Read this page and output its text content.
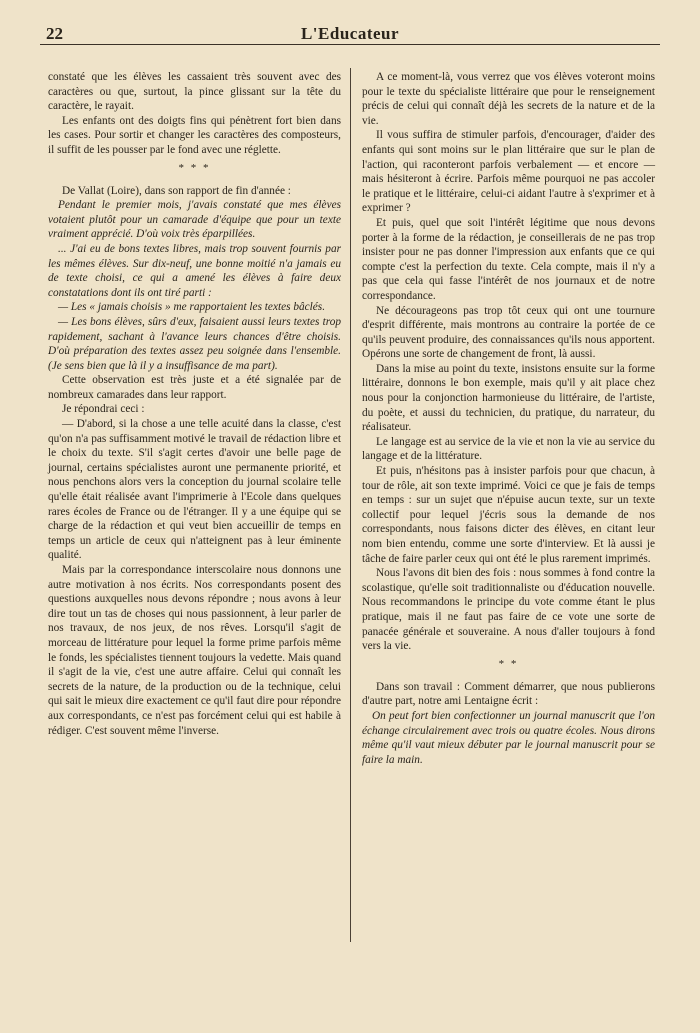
22	L'Educateur

constaté que les élèves les cassaient très souvent avec des caractères ou que, surtout, la pince glissant sur la tête du caractère, le rayait.

Les enfants ont des doigts fins qui pénètrent fort bien dans les cases. Pour sortir et changer les caractères des composteurs, il suffit de les pousser par le fond avec une réglette.

* * *

De Vallat (Loire), dans son rapport de fin d'année :

Pendant le premier mois, j'avais constaté que mes élèves votaient plutôt pour un camarade d'équipe que pour un texte vraiment apprécié. D'où voix très éparpillées.

... J'ai eu de bons textes libres, mais trop souvent fournis par les mêmes élèves. Sur dix-neuf, une bonne moitié n'a jamais eu de texte choisi, ce qui a amené les élèves à faire deux constatations dont ils ont tiré parti :

— Les « jamais choisis » me rapportaient les textes bâclés.

— Les bons élèves, sûrs d'eux, faisaient aussi leurs textes trop rapidement, sachant à l'avance leurs chances d'être choisis. D'où préparation des textes assez peu soignée dans l'ensemble. (Je sens bien que là il y a insuffisance de ma part).

Cette observation est très juste et a été signalée par de nombreux camarades dans leur rapport.

Je répondrai ceci :

— D'abord, si la chose a une telle acuité dans la classe, c'est qu'on n'a pas suffisamment motivé le travail de rédaction libre et le choix du texte. S'il s'agit certes d'avoir une belle page de journal, certains spécialistes auront une permanente priorité, et nous penchons alors vers la conception du journal scolaire telle qu'elle était réalisée avant l'imprimerie à l'Ecole dans quelques rares écoles de France ou de l'étranger. Il y a une équipe qui se charge de la rédaction et qui veut bien accueillir de temps en temps un article de ceux qui n'atteignent pas à leur éminente qualité.

Mais par la correspondance interscolaire nous donnons une autre motivation à nos écrits. Nos correspondants posent des questions auxquelles nous devons répondre ; nous avons à leur dire tout un tas de choses qui nous passionnent, à leur parler de nos travaux, de nos jeux, de nos rêves. Lorsqu'il s'agit de morceau de littérature pour lequel la forme prime parfois même le fonds, les spécialistes tiennent toujours la vedette. Mais quand il s'agit de la vie, c'est une autre affaire. Celui qui connaît les secrets de la nature, de la production ou de la technique, celui qui sait le mieux dire exactement ce qu'il faut dire pour répondre aux correspondants, ce n'est pas forcément celui qui est habile à rédiger. C'est souvent même l'inverse.

A ce moment-là, vous verrez que vos élèves voteront moins pour le texte du spécialiste littéraire que pour le renseignement précis de celui qui connaît déjà les secrets de la nature et de la vie.

Il vous suffira de stimuler parfois, d'encourager, d'aider des enfants qui sont moins sur le plan littéraire que sur le plan de l'action, qui raconteront parfois verbalement — et encore — mais hésiteront à écrire. Parfois même pourquoi ne pas accoler le pratique et le littéraire, celui-ci aidant l'autre à s'exprimer et à exprimer ?

Et puis, quel que soit l'intérêt légitime que nous devons porter à la forme de la rédaction, je conseillerais de ne pas trop insister pour ne pas donner l'impression aux enfants que ce qui compte c'est la perfection du texte. Cela compte, mais il n'y a pas que cela qui fasse l'intérêt de nos journaux et de notre correspondance.

Ne décourageons pas trop tôt ceux qui ont une tournure d'esprit différente, mais montrons au contraire la portée de ce qu'ils peuvent produire, des connaissances qu'ils nous apportent. Opérons une sorte de changement de front, là aussi.

Dans la mise au point du texte, insistons ensuite sur la forme littéraire, donnons le bon exemple, mais qu'il y ait place chez nous pour la conjonction harmonieuse du littéraire, de l'artiste, du poète, et aussi du technicien, du pratique, du narrateur, du réalisateur.

Le langage est au service de la vie et non la vie au service du langage et de la littérature.

Et puis, n'hésitons pas à insister parfois pour que chacun, à tour de rôle, ait son texte imprimé. Voici ce que je fais de temps en temps : sur un sujet que n'épuise aucun texte, sur un texte collectif pour lequel j'écris sous la demande de nos correspondants, nous faisons dicter des élèves, en citant leur nom bien entendu, comme une sorte d'interview. Et là aussi je tâche de faire parler ceux qui ont été le plus rarement imprimés.

Nous l'avons dit bien des fois : nous sommes à fond contre la scolastique, qu'elle soit traditionnaliste ou d'éducation nouvelle. Nous recommandons le principe du vote comme étant le plus pratique, mais il ne faut pas faire de ce vote une sorte de panacée générale et souveraine. A nous d'aller toujours à fond vers la vie.

* *

Dans son travail : Comment démarrer, que nous publierons d'autre part, notre ami Lentaigne écrit :

On peut fort bien confectionner un journal manuscrit que l'on échange circulairement avec trois ou quatre écoles. Nous dirons même qu'il vaut mieux débuter par le journal manuscrit pour se faire la main.
